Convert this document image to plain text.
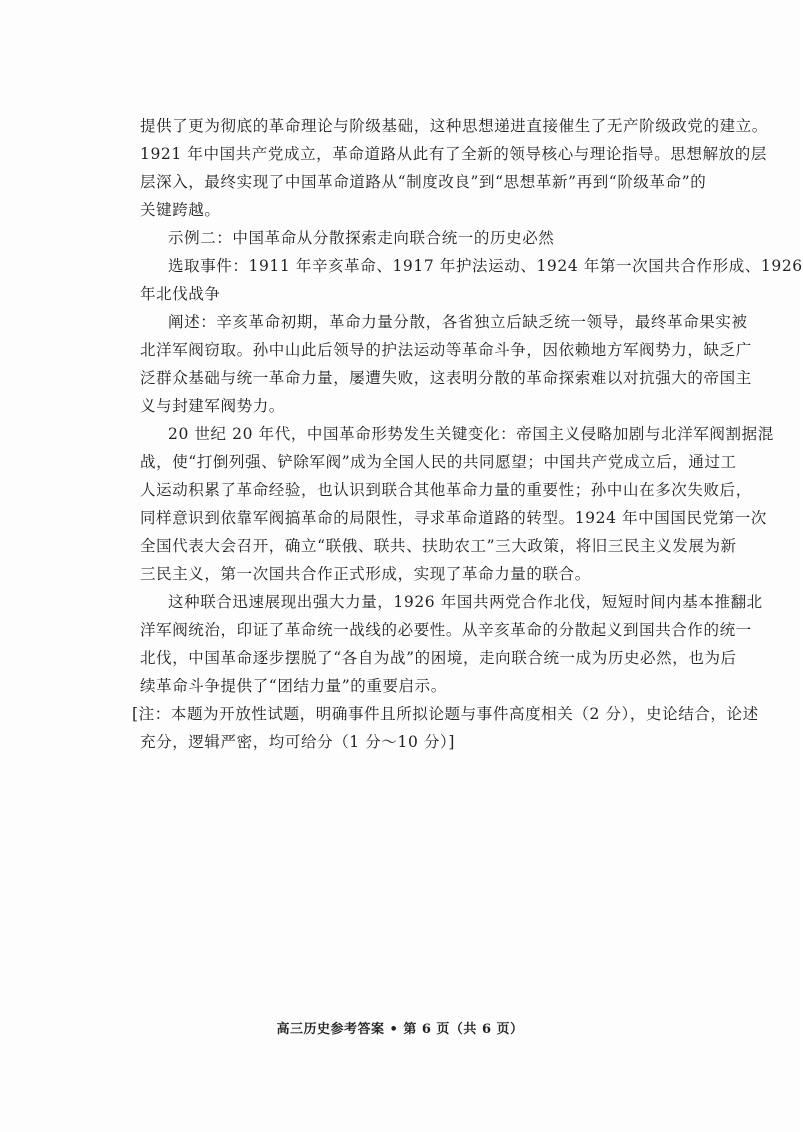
提供了更为彻底的革命理论与阶级基础，这种思想递进直接催生了无产阶级政党的建立。
1921 年中国共产党成立，革命道路从此有了全新的领导核心与理论指导。思想解放的层
层深入，最终实现了中国革命道路从“制度改良”到“思想革新”再到“阶级革命”的
关键跨越。
示例二：中国革命从分散探索走向联合统一的历史必然
选取事件：1911 年辛亥革命、1917 年护法运动、1924 年第一次国共合作形成、1926
年北伐战争
阐述：辛亥革命初期，革命力量分散，各省独立后缺乏统一领导，最终革命果实被
北洋军阀窃取。孙中山此后领导的护法运动等革命斗争，因依赖地方军阀势力，缺乏广
泛群众基础与统一革命力量，屡遭失败，这表明分散的革命探索难以对抗强大的帝国主
义与封建军阀势力。
20 世纪 20 年代，中国革命形势发生关键变化：帝国主义侵略加剧与北洋军阀割据混
战，使“打倒列强、铲除军阀”成为全国人民的共同愿望；中国共产党成立后，通过工
人运动积累了革命经验，也认识到联合其他革命力量的重要性；孙中山在多次失败后，
同样意识到依靠军阀搞革命的局限性，寻求革命道路的转型。1924 年中国国民党第一次
全国代表大会召开，确立“联俄、联共、扶助农工”三大政策，将旧三民主义发展为新
三民主义，第一次国共合作正式形成，实现了革命力量的联合。
这种联合迅速展现出强大力量，1926 年国共两党合作北伐，短短时间内基本推翻北
洋军阀统治，印证了革命统一战线的必要性。从辛亥革命的分散起义到国共合作的统一
北伐，中国革命逐步摆脱了“各自为战”的困境，走向联合统一成为历史必然，也为后
续革命斗争提供了“团结力量”的重要启示。
[注：本题为开放性试题，明确事件且所拟论题与事件高度相关（2 分），史论结合，论述
充分，逻辑严密，均可给分（1 分～10 分）]
高三历史参考答案 • 第 6 页（共 6 页）
